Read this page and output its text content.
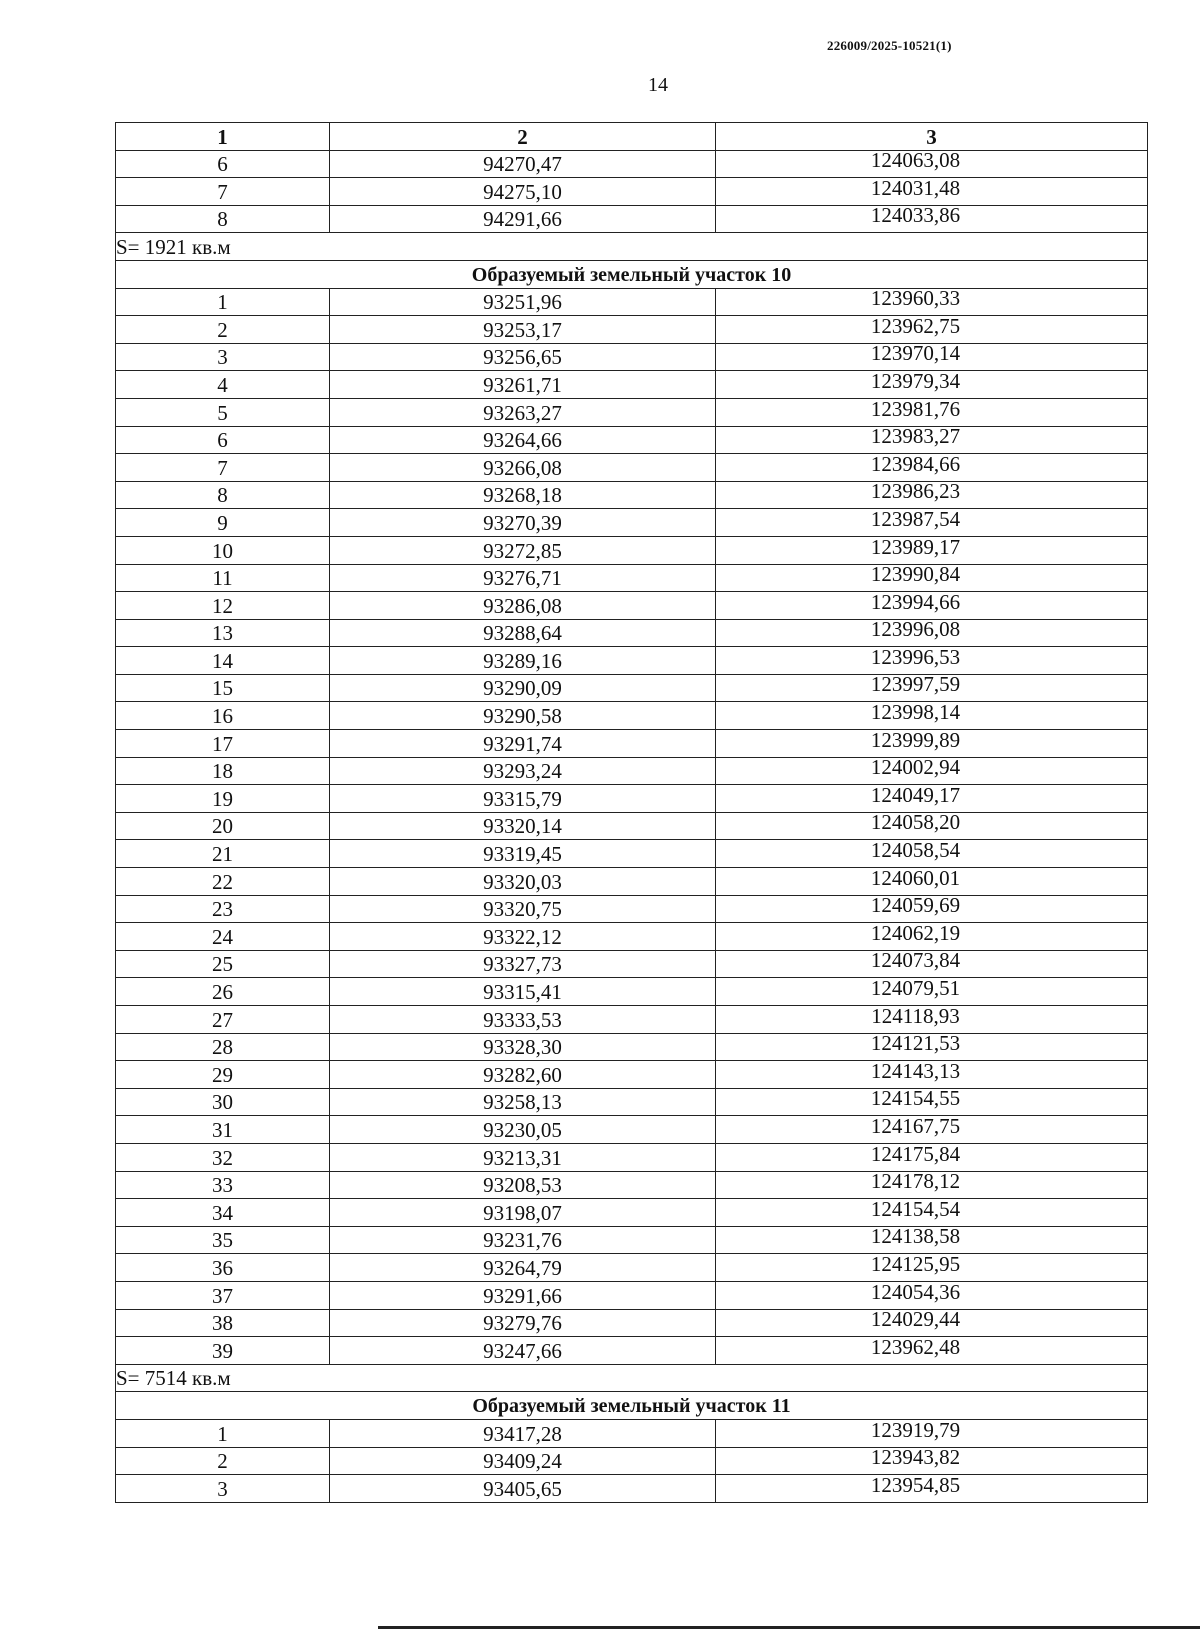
226009/2025-10521(1)
14
1	2	3
6	94270,47	124063,08
7	94275,10	124031,48
8	94291,66	124033,86
S= 1921 кв.м		
Образуемый земельный участок 10		
1	93251,96	123960,33
2	93253,17	123962,75
3	93256,65	123970,14
4	93261,71	123979,34
5	93263,27	123981,76
6	93264,66	123983,27
7	93266,08	123984,66
8	93268,18	123986,23
9	93270,39	123987,54
10	93272,85	123989,17
11	93276,71	123990,84
12	93286,08	123994,66
13	93288,64	123996,08
14	93289,16	123996,53
15	93290,09	123997,59
16	93290,58	123998,14
17	93291,74	123999,89
18	93293,24	124002,94
19	93315,79	124049,17
20	93320,14	124058,20
21	93319,45	124058,54
22	93320,03	124060,01
23	93320,75	124059,69
24	93322,12	124062,19
25	93327,73	124073,84
26	93315,41	124079,51
27	93333,53	124118,93
28	93328,30	124121,53
29	93282,60	124143,13
30	93258,13	124154,55
31	93230,05	124167,75
32	93213,31	124175,84
33	93208,53	124178,12
34	93198,07	124154,54
35	93231,76	124138,58
36	93264,79	124125,95
37	93291,66	124054,36
38	93279,76	124029,44
39	93247,66	123962,48
S= 7514 кв.м		
Образуемый земельный участок 11		
1	93417,28	123919,79
2	93409,24	123943,82
3	93405,65	123954,85
